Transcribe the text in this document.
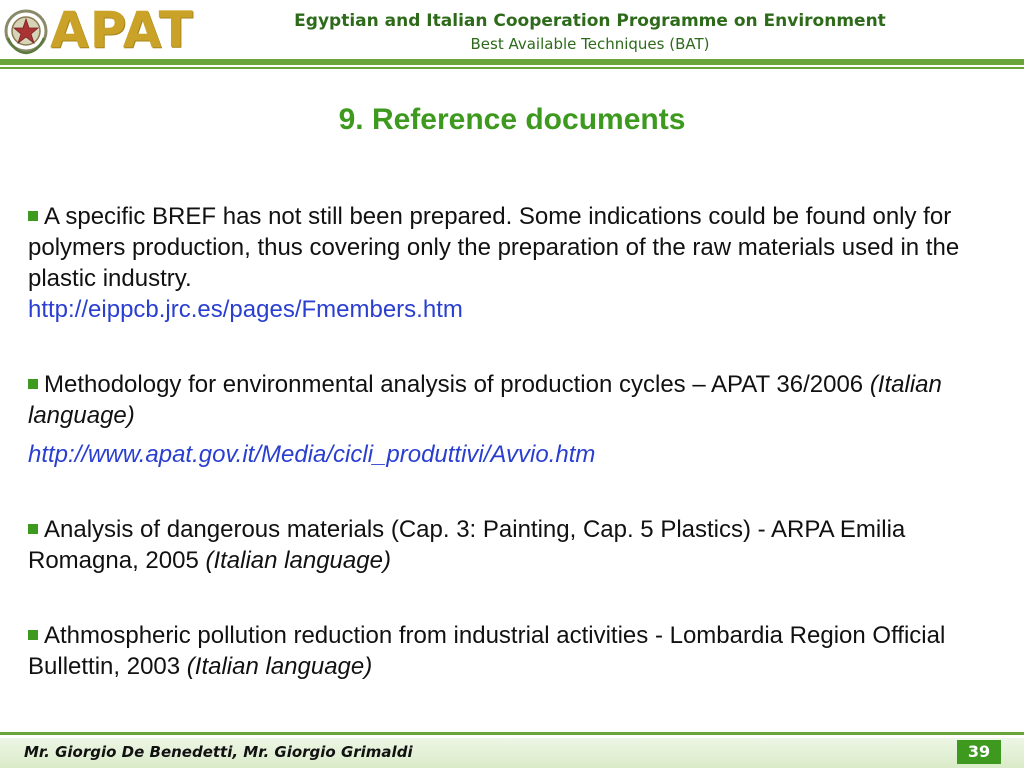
APAT	Egyptian and Italian Cooperation Programme on Environment
Best Available Techniques (BAT)
9. Reference documents

A specific BREF has not still been prepared. Some indications could be found only for polymers production, thus covering only the preparation of the raw materials used in the plastic industry.
http://eippcb.jrc.es/pages/Fmembers.htm

Methodology for environmental analysis of production cycles – APAT 36/2006 (Italian language)
http://www.apat.gov.it/Media/cicli_produttivi/Avvio.htm

Analysis of dangerous materials (Cap. 3: Painting, Cap. 5 Plastics) - ARPA Emilia Romagna, 2005 (Italian language)

Athmospheric pollution reduction from industrial activities - Lombardia Region Official Bullettin, 2003 (Italian language)

Mr. Giorgio De Benedetti, Mr. Giorgio Grimaldi	39
